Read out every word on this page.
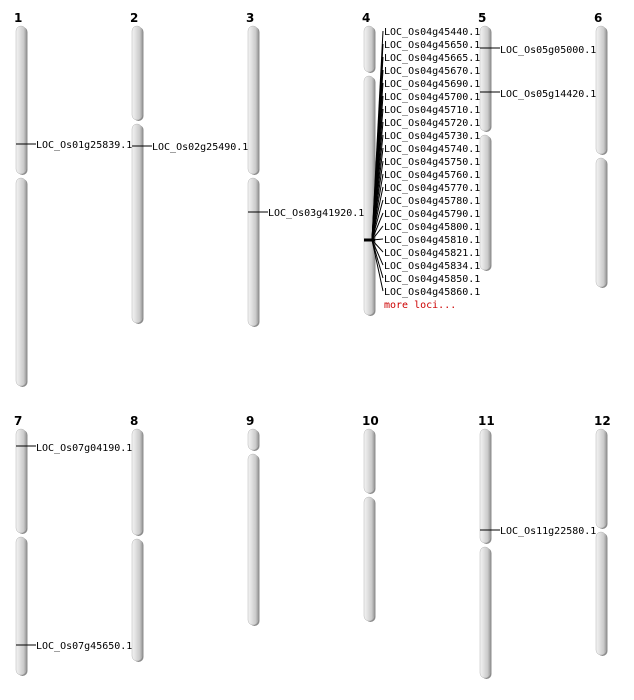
1
LOC_Os01g25839.1
2
LOC_Os02g25490.1
3
LOC_Os03g41920.1
4
LOC_Os04g45440.1
LOC_Os04g45650.1
LOC_Os04g45665.1
LOC_Os04g45670.1
LOC_Os04g45690.1
LOC_Os04g45700.1
LOC_Os04g45710.1
LOC_Os04g45720.1
LOC_Os04g45730.1
LOC_Os04g45740.1
LOC_Os04g45750.1
LOC_Os04g45760.1
LOC_Os04g45770.1
LOC_Os04g45780.1
LOC_Os04g45790.1
LOC_Os04g45800.1
LOC_Os04g45810.1
LOC_Os04g45821.1
LOC_Os04g45834.1
LOC_Os04g45850.1
LOC_Os04g45860.1
more loci...
5
LOC_Os05g05000.1
LOC_Os05g14420.1
6
7
LOC_Os07g04190.1
LOC_Os07g45650.1
8	9	10	11
LOC_Os11g22580.1
12
